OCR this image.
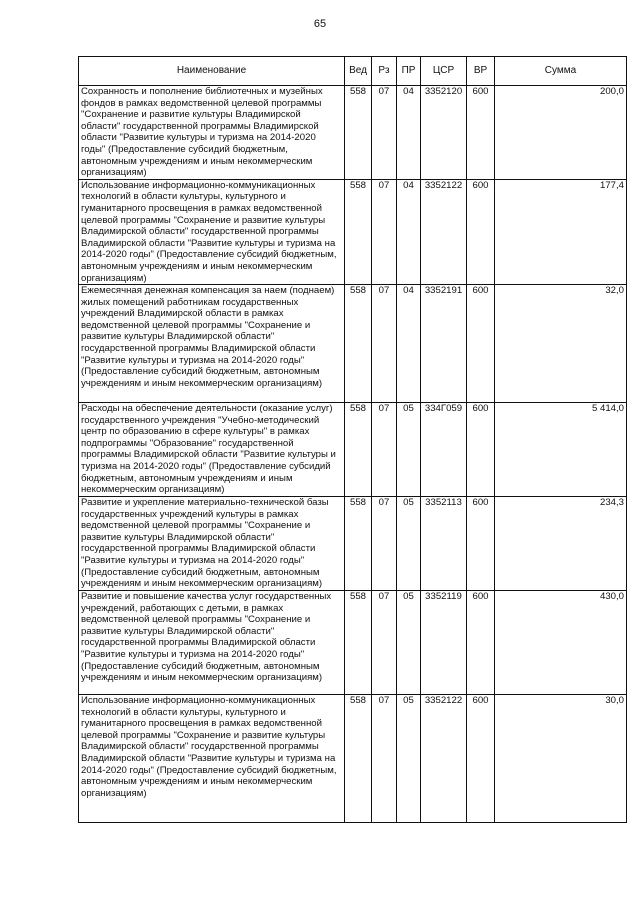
65
Наименование	Вед	Рз	ПР	ЦСР	ВР	Сумма
Сохранность и пополнение библиотечных и музейных фондов в рамках ведомственной целевой программы "Сохранение и развитие культуры Владимирской области" государственной программы Владимирской области "Развитие культуры и туризма на 2014-2020 годы" (Предоставление субсидий бюджетным, автономным учреждениям и иным некоммерческим организациям)	558	07	04	3352120	600	200,0
Использование информационно-коммуникационных технологий в области культуры, культурного и гуманитарного просвещения в рамках ведомственной целевой программы "Сохранение и развитие культуры Владимирской области" государственной программы Владимирской области "Развитие культуры и туризма на 2014-2020 годы" (Предоставление субсидий бюджетным, автономным учреждениям и иным некоммерческим организациям)	558	07	04	3352122	600	177,4
Ежемесячная денежная компенсация за наем (поднаем) жилых помещений работникам государственных учреждений Владимирской области в рамках ведомственной целевой программы "Сохранение и развитие культуры Владимирской области" государственной программы Владимирской области "Развитие культуры и туризма на 2014-2020 годы" (Предоставление субсидий бюджетным, автономным учреждениям и иным некоммерческим организациям)	558	07	04	3352191	600	32,0
Расходы на обеспечение деятельности (оказание услуг) государственного учреждения "Учебно-методический центр по образованию в сфере культуры" в рамках подпрограммы "Образование" государственной программы Владимирской области "Развитие культуры и туризма на 2014-2020 годы" (Предоставление субсидий бюджетным, автономным учреждениям и иным некоммерческим организациям)	558	07	05	334Г059	600	5 414,0
Развитие и укрепление материально-технической базы государственных учреждений культуры в рамках ведомственной целевой программы "Сохранение и развитие культуры Владимирской области" государственной программы Владимирской области "Развитие культуры и туризма на 2014-2020 годы" (Предоставление субсидий бюджетным, автономным учреждениям и иным некоммерческим организациям)	558	07	05	3352113	600	234,3
Развитие и повышение качества услуг государственных учреждений, работающих с детьми, в рамках ведомственной целевой программы "Сохранение и развитие культуры Владимирской области" государственной программы Владимирской области "Развитие культуры и туризма на 2014-2020 годы" (Предоставление субсидий бюджетным, автономным учреждениям и иным некоммерческим организациям)	558	07	05	3352119	600	430,0
Использование информационно-коммуникационных технологий в области культуры, культурного и гуманитарного просвещения в рамках ведомственной целевой программы "Сохранение и развитие культуры Владимирской области" государственной программы Владимирской области "Развитие культуры и туризма на 2014-2020 годы" (Предоставление субсидий бюджетным, автономным учреждениям и иным некоммерческим организациям)	558	07	05	3352122	600	30,0
